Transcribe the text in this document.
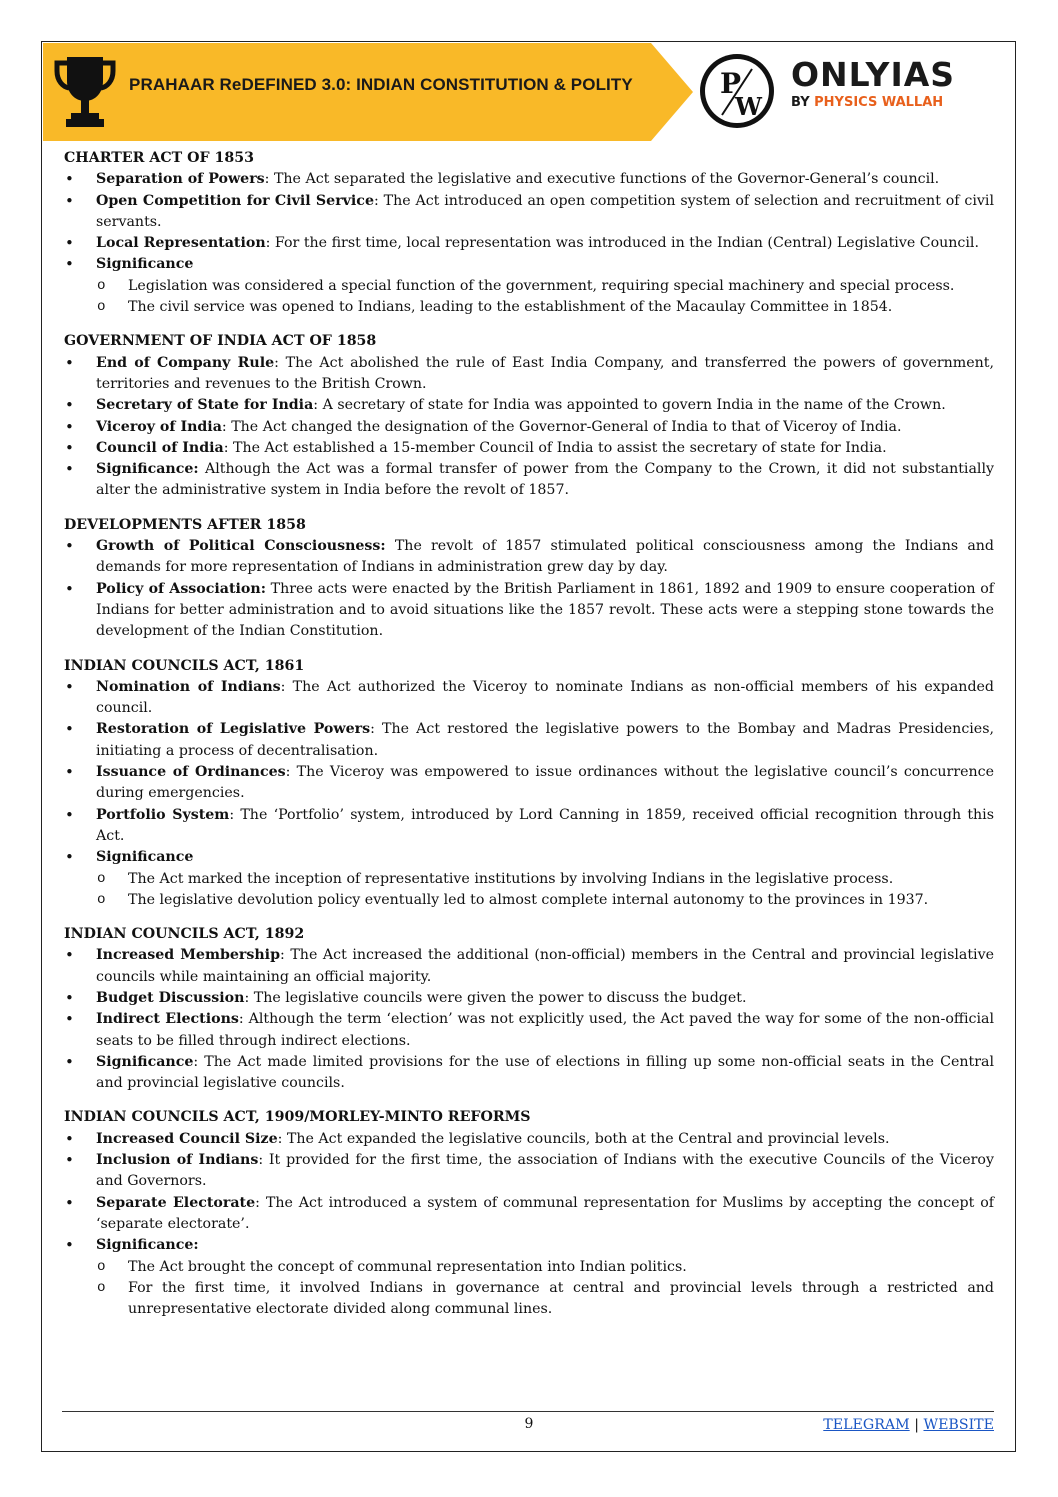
PRAHAAR ReDEFINED 3.0: INDIAN CONSTITUTION & POLITY	P
W
ONLYIAS
BY PHYSICS WALLAH
CHARTER ACT OF 1853
• Separation of Powers: The Act separated the legislative and executive functions of the Governor-General’s council.
• Open Competition for Civil Service: The Act introduced an open competition system of selection and recruitment of civil servants.
• Local Representation: For the first time, local representation was introduced in the Indian (Central) Legislative Council.
• Significance
o Legislation was considered a special function of the government, requiring special machinery and special process.
o The civil service was opened to Indians, leading to the establishment of the Macaulay Committee in 1854.
GOVERNMENT OF INDIA ACT OF 1858
• End of Company Rule: The Act abolished the rule of East India Company, and transferred the powers of government, territories and revenues to the British Crown.
• Secretary of State for India: A secretary of state for India was appointed to govern India in the name of the Crown.
• Viceroy of India: The Act changed the designation of the Governor-General of India to that of Viceroy of India.
• Council of India: The Act established a 15-member Council of India to assist the secretary of state for India.
• Significance: Although the Act was a formal transfer of power from the Company to the Crown, it did not substantially alter the administrative system in India before the revolt of 1857.
DEVELOPMENTS AFTER 1858
• Growth of Political Consciousness: The revolt of 1857 stimulated political consciousness among the Indians and demands for more representation of Indians in administration grew day by day.
• Policy of Association: Three acts were enacted by the British Parliament in 1861, 1892 and 1909 to ensure cooperation of Indians for better administration and to avoid situations like the 1857 revolt. These acts were a stepping stone towards the development of the Indian Constitution.
INDIAN COUNCILS ACT, 1861
• Nomination of Indians: The Act authorized the Viceroy to nominate Indians as non-official members of his expanded council.
• Restoration of Legislative Powers: The Act restored the legislative powers to the Bombay and Madras Presidencies, initiating a process of decentralisation.
• Issuance of Ordinances: The Viceroy was empowered to issue ordinances without the legislative council’s concurrence during emergencies.
• Portfolio System: The ‘Portfolio’ system, introduced by Lord Canning in 1859, received official recognition through this Act.
• Significance
o The Act marked the inception of representative institutions by involving Indians in the legislative process.
o The legislative devolution policy eventually led to almost complete internal autonomy to the provinces in 1937.
INDIAN COUNCILS ACT, 1892
• Increased Membership: The Act increased the additional (non-official) members in the Central and provincial legislative councils while maintaining an official majority.
• Budget Discussion: The legislative councils were given the power to discuss the budget.
• Indirect Elections: Although the term ‘election’ was not explicitly used, the Act paved the way for some of the non-official seats to be filled through indirect elections.
• Significance: The Act made limited provisions for the use of elections in filling up some non-official seats in the Central and provincial legislative councils.
INDIAN COUNCILS ACT, 1909/MORLEY-MINTO REFORMS
• Increased Council Size: The Act expanded the legislative councils, both at the Central and provincial levels.
• Inclusion of Indians: It provided for the first time, the association of Indians with the executive Councils of the Viceroy and Governors.
• Separate Electorate: The Act introduced a system of communal representation for Muslims by accepting the concept of ‘separate electorate’.
• Significance:
o The Act brought the concept of communal representation into Indian politics.
o For the first time, it involved Indians in governance at central and provincial levels through a restricted and unrepresentative electorate divided along communal lines.
9	TELEGRAM | WEBSITE
